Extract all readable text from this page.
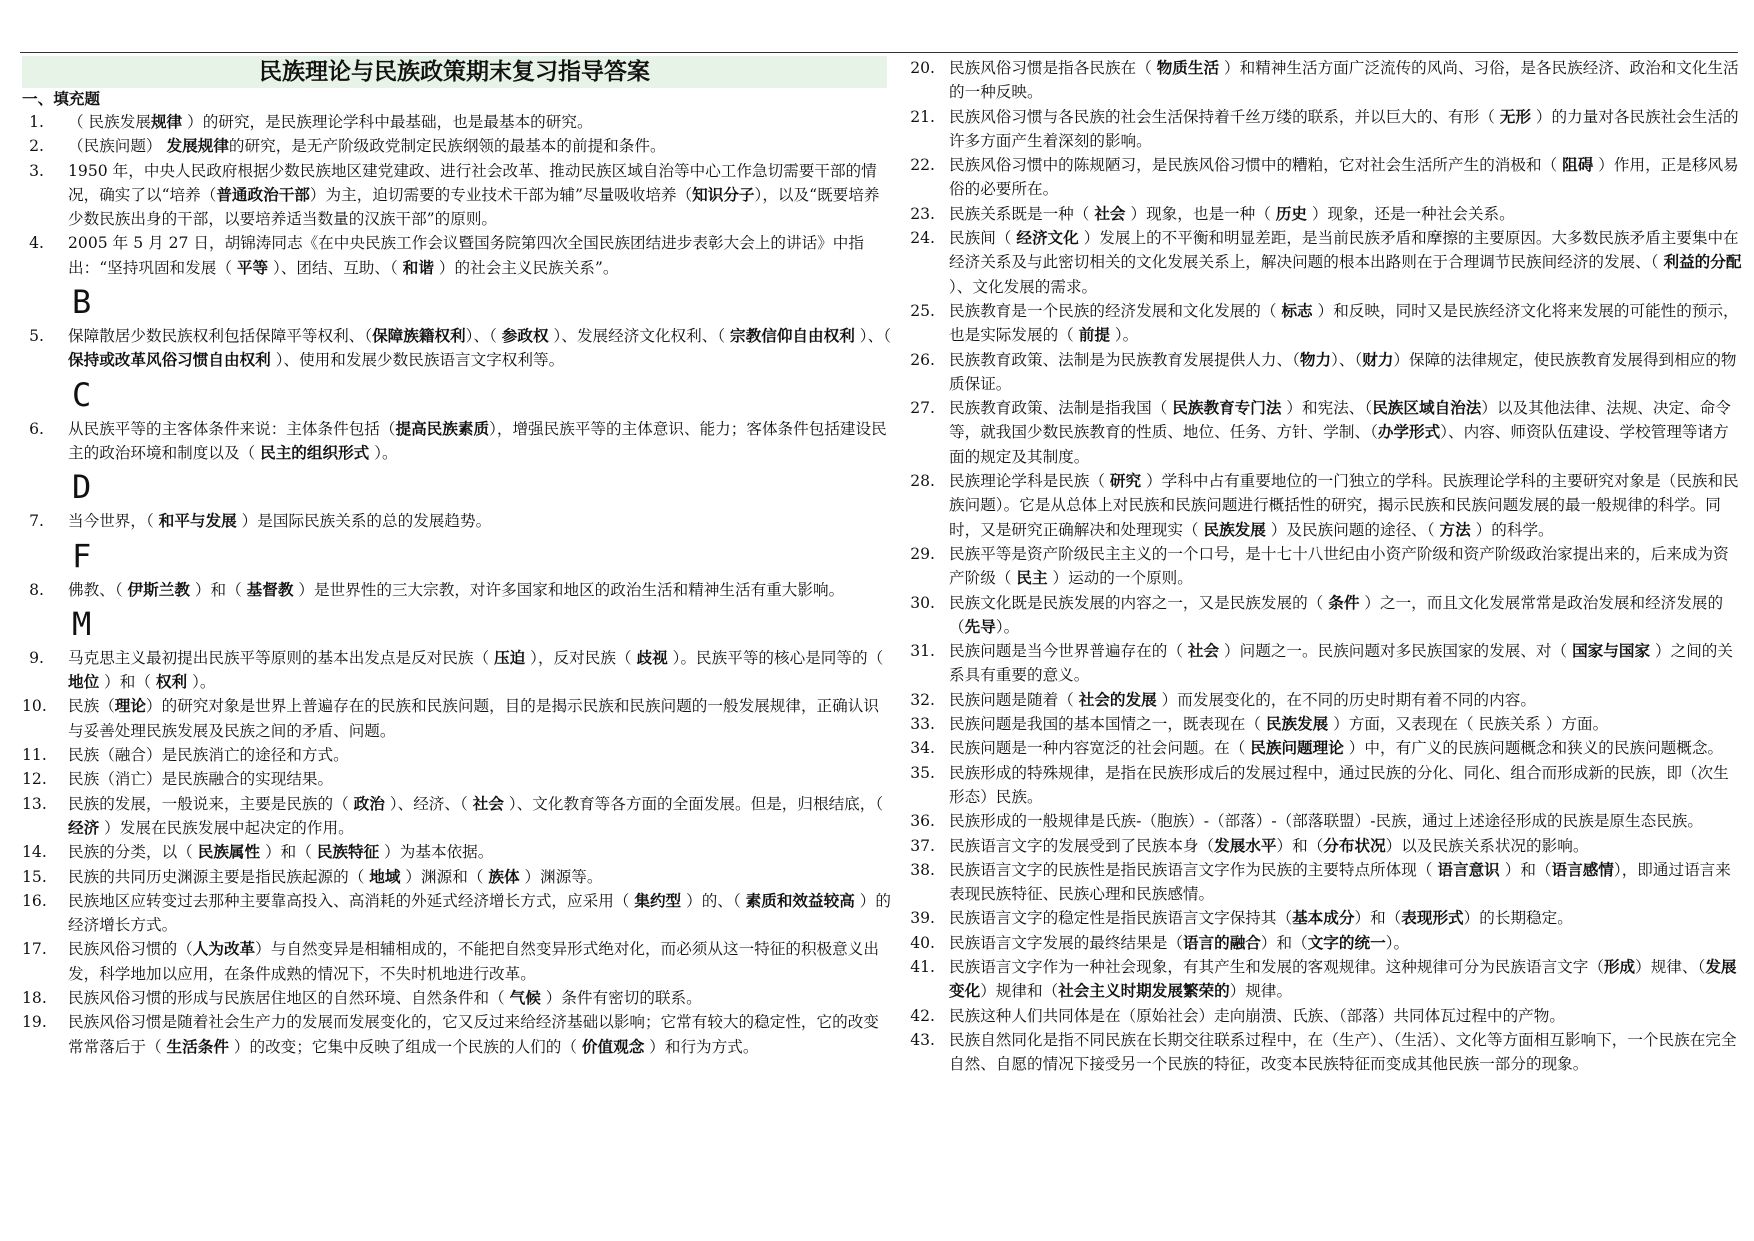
民族理论与民族政策期末复习指导答案
一、填充题
1. （ 民族发展规律 ）的研究，是民族理论学科中最基础，也是最基本的研究。
2. （民族问题） 发展规律的研究，是无产阶级政党制定民族纲领的最基本的前提和条件。
3. 1950 年，中央人民政府根据少数民族地区建党建政、进行社会改革、推动民族区域自治等中心工作急切需要干部的情况，确实了以“培养（普通政治干部）为主，迫切需要的专业技术干部为辅”尽量吸收培养（知识分子），以及“既要培养少数民族出身的干部，以要培养适当数量的汉族干部”的原则。
4. 2005 年 5 月 27 日，胡锦涛同志《在中央民族工作会议暨国务院第四次全国民族团结进步表彰大会上的讲话》中指出：“坚持巩固和发展（ 平等 ）、团结、互助、（ 和谐 ）的社会主义民族关系”。
B
5. 保障散居少数民族权利包括保障平等权利、（保障族籍权利）、（ 参政权 ）、发展经济文化权利、（ 宗教信仰自由权利 ）、（ 保持或改革风俗习惯自由权利 ）、使用和发展少数民族语言文字权利等。
C
6. 从民族平等的主客体条件来说：主体条件包括（提高民族素质），增强民族平等的主体意识、能力；客体条件包括建设民主的政治环境和制度以及（ 民主的组织形式 ）。
D
7. 当今世界，（ 和平与发展 ）是国际民族关系的总的发展趋势。
F
8. 佛教、（ 伊斯兰教 ）和（ 基督教 ）是世界性的三大宗教，对许多国家和地区的政治生活和精神生活有重大影响。
M
9. 马克思主义最初提出民族平等原则的基本出发点是反对民族（ 压迫 ），反对民族（ 歧视 ）。民族平等的核心是同等的（ 地位 ）和（ 权利 ）。
10. 民族（理论）的研究对象是世界上普遍存在的民族和民族问题，目的是揭示民族和民族问题的一般发展规律，正确认识与妥善处理民族发展及民族之间的矛盾、问题。
11. 民族（融合）是民族消亡的途径和方式。
12. 民族（消亡）是民族融合的实现结果。
13. 民族的发展，一般说来，主要是民族的（ 政治 ）、经济、（ 社会 ）、文化教育等各方面的全面发展。但是，归根结底，（ 经济 ）发展在民族发展中起决定的作用。
14. 民族的分类，以（ 民族属性 ）和（ 民族特征 ）为基本依据。
15. 民族的共同历史渊源主要是指民族起源的（ 地域 ）渊源和（ 族体 ）渊源等。
16. 民族地区应转变过去那种主要靠高投入、高消耗的外延式经济增长方式，应采用（ 集约型 ）的、（ 素质和效益较高 ）的经济增长方式。
17. 民族风俗习惯的（人为改革）与自然变异是相辅相成的，不能把自然变异形式绝对化，而必须从这一特征的积极意义出发，科学地加以应用，在条件成熟的情况下，不失时机地进行改革。
18. 民族风俗习惯的形成与民族居住地区的自然环境、自然条件和（ 气候 ）条件有密切的联系。
19. 民族风俗习惯是随着社会生产力的发展而发展变化的，它又反过来给经济基础以影响；它常有较大的稳定性，它的改变常常落后于（ 生活条件 ）的改变；它集中反映了组成一个民族的人们的（ 价值观念 ）和行为方式。
20. 民族风俗习惯是指各民族在（ 物质生活 ）和精神生活方面广泛流传的风尚、习俗，是各民族经济、政治和文化生活的一种反映。
21. 民族风俗习惯与各民族的社会生活保持着千丝万缕的联系，并以巨大的、有形（ 无形 ）的力量对各民族社会生活的许多方面产生着深刻的影响。
22. 民族风俗习惯中的陈规陋习，是民族风俗习惯中的糟粕，它对社会生活所产生的消极和（ 阻碍 ）作用，正是移风易俗的必要所在。
23. 民族关系既是一种（ 社会 ）现象，也是一种（ 历史 ）现象，还是一种社会关系。
24. 民族间（ 经济文化 ）发展上的不平衡和明显差距，是当前民族矛盾和摩擦的主要原因。大多数民族矛盾主要集中在经济关系及与此密切相关的文化发展关系上，解决问题的根本出路则在于合理调节民族间经济的发展、（ 利益的分配 ）、文化发展的需求。
25. 民族教育是一个民族的经济发展和文化发展的（ 标志 ）和反映，同时又是民族经济文化将来发展的可能性的预示，也是实际发展的（ 前提 ）。
26. 民族教育政策、法制是为民族教育发展提供人力、（物力）、（财力）保障的法律规定，使民族教育发展得到相应的物质保证。
27. 民族教育政策、法制是指我国（ 民族教育专门法 ）和宪法、（民族区域自治法）以及其他法律、法规、决定、命令等，就我国少数民族教育的性质、地位、任务、方针、学制、（办学形式）、内容、师资队伍建设、学校管理等诸方面的规定及其制度。
28. 民族理论学科是民族（ 研究 ）学科中占有重要地位的一门独立的学科。民族理论学科的主要研究对象是（民族和民族问题）。它是从总体上对民族和民族问题进行概括性的研究，揭示民族和民族问题发展的最一般规律的科学。同时，又是研究正确解决和处理现实（ 民族发展 ）及民族问题的途径、（ 方法 ）的科学。
29. 民族平等是资产阶级民主主义的一个口号，是十七十八世纪由小资产阶级和资产阶级政治家提出来的，后来成为资产阶级（ 民主 ）运动的一个原则。
30. 民族文化既是民族发展的内容之一，又是民族发展的（ 条件 ）之一，而且文化发展常常是政治发展和经济发展的（先导）。
31. 民族问题是当今世界普遍存在的（ 社会 ）问题之一。民族问题对多民族国家的发展、对（ 国家与国家 ）之间的关系具有重要的意义。
32. 民族问题是随着（ 社会的发展 ）而发展变化的，在不同的历史时期有着不同的内容。
33. 民族问题是我国的基本国情之一，既表现在（ 民族发展 ）方面，又表现在（ 民族关系 ）方面。
34. 民族问题是一种内容宽泛的社会问题。在（ 民族问题理论 ）中，有广义的民族问题概念和狭义的民族问题概念。
35. 民族形成的特殊规律，是指在民族形成后的发展过程中，通过民族的分化、同化、组合而形成新的民族，即（次生形态）民族。
36. 民族形成的一般规律是氏族-（胞族）-（部落）-（部落联盟）-民族，通过上述途径形成的民族是原生态民族。
37. 民族语言文字的发展受到了民族本身（发展水平）和（分布状况）以及民族关系状况的影响。
38. 民族语言文字的民族性是指民族语言文字作为民族的主要特点所体现（ 语言意识 ）和（语言感情），即通过语言来表现民族特征、民族心理和民族感情。
39. 民族语言文字的稳定性是指民族语言文字保持其（基本成分）和（表现形式）的长期稳定。
40. 民族语言文字发展的最终结果是（语言的融合）和（文字的统一）。
41. 民族语言文字作为一种社会现象，有其产生和发展的客观规律。这种规律可分为民族语言文字（形成）规律、（发展变化）规律和（社会主义时期发展繁荣的）规律。
42. 民族这种人们共同体是在（原始社会）走向崩溃、氏族、（部落）共同体瓦过程中的产物。
43. 民族自然同化是指不同民族在长期交往联系过程中，在（生产）、（生活）、文化等方面相互影响下，一个民族在完全自然、自愿的情况下接受另一个民族的特征，改变本民族特征而变成其他民族一部分的现象。
